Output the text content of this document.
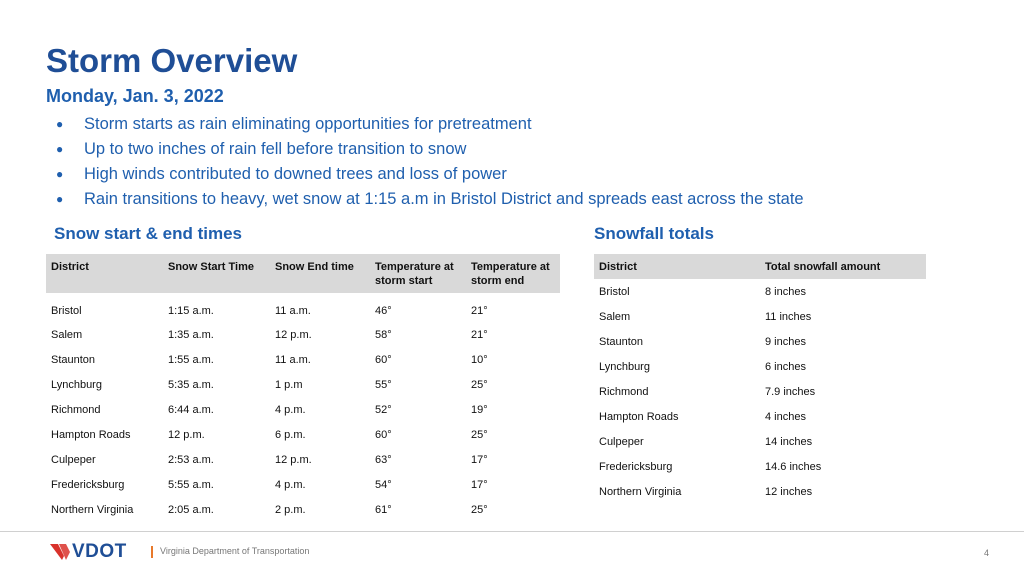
Storm Overview
Monday, Jan. 3, 2022
●	Storm starts as rain eliminating opportunities for pretreatment
●	Up to two inches of rain fell before transition to snow
●	High winds contributed to downed trees and loss of power
●	Rain transitions to heavy, wet snow at 1:15 a.m in Bristol District and spreads east across the state
Snow start & end times
District	Snow Start Time	Snow End time	Temperature at storm start	Temperature at storm end
Bristol	1:15 a.m.	11 a.m.	46°	21°
Salem	1:35 a.m.	12 p.m.	58°	21°
Staunton	1:55 a.m.	11 a.m.	60°	10°
Lynchburg	5:35 a.m.	1 p.m	55°	25°
Richmond	6:44 a.m.	4 p.m.	52°	19°
Hampton Roads	12 p.m.	6 p.m.	60°	25°
Culpeper	2:53 a.m.	12 p.m.	63°	17°
Fredericksburg	5:55 a.m.	4 p.m.	54°	17°
Northern Virginia	2:05 a.m.	2 p.m.	61°	25°
Snowfall totals
District	Total snowfall amount
Bristol	8 inches
Salem	11 inches
Staunton	9 inches
Lynchburg	6 inches
Richmond	7.9 inches
Hampton Roads	4 inches
Culpeper	14 inches
Fredericksburg	14.6 inches
Northern Virginia	12 inches
VDOT	Virginia Department of Transportation	4
